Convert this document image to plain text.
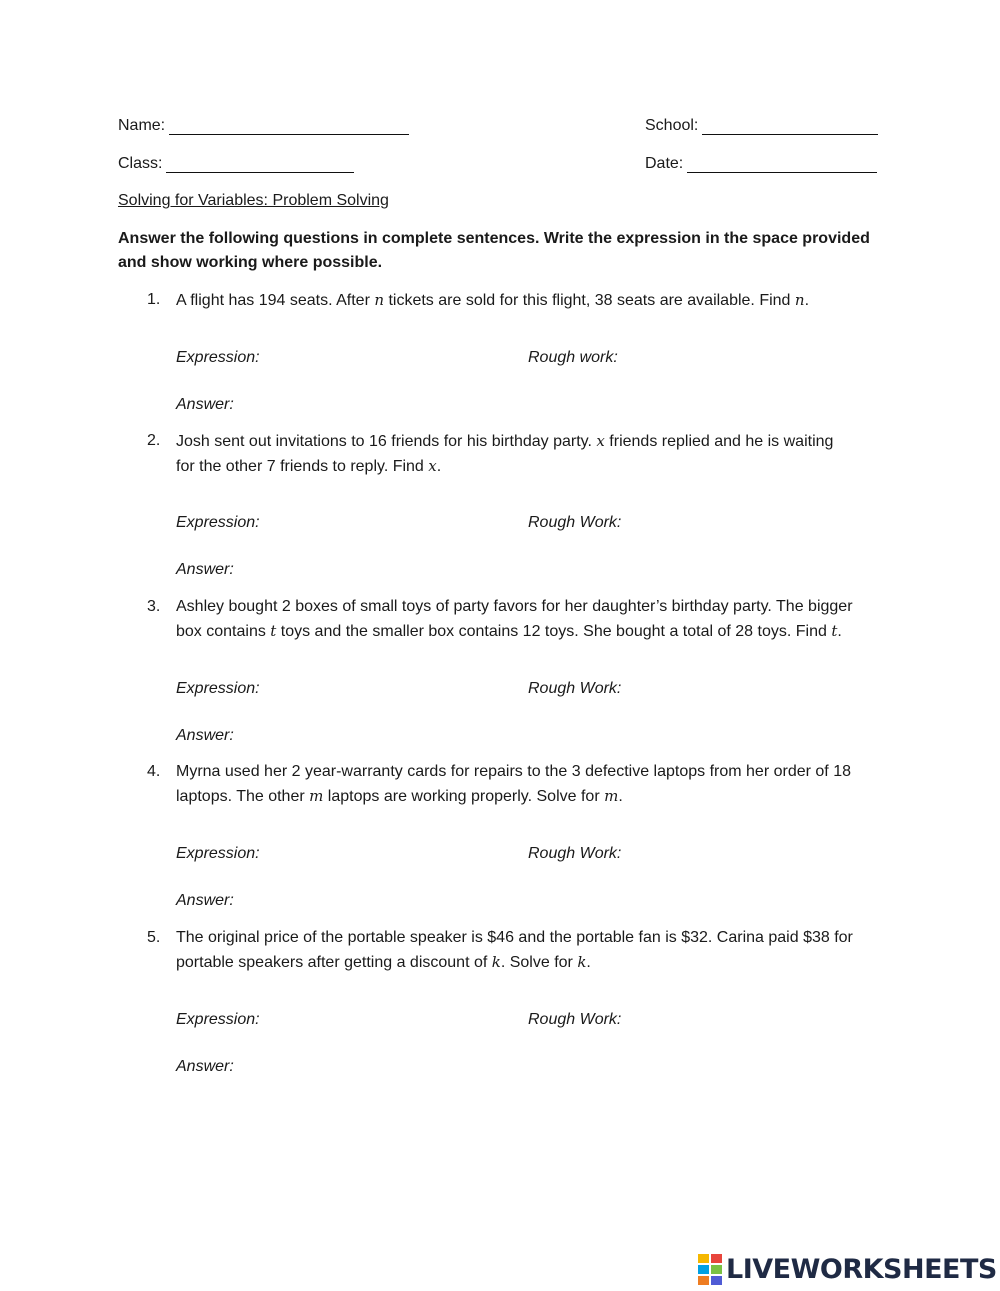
Name:	School:
Class:	Date:
Solving for Variables: Problem Solving
Answer the following questions in complete sentences. Write the expression in the space provided and show working where possible.
1. A flight has 194 seats. After n tickets are sold for this flight, 38 seats are available. Find n.
Expression:	Rough work:
Answer:
2. Josh sent out invitations to 16 friends for his birthday party. x friends replied and he is waiting
for the other 7 friends to reply. Find x.
Expression:	Rough Work:
Answer:
3. Ashley bought 2 boxes of small toys of party favors for her daughter’s birthday party. The bigger
box contains t toys and the smaller box contains 12 toys. She bought a total of 28 toys. Find t.
Expression:	Rough Work:
Answer:
4. Myrna used her 2 year-warranty cards for repairs to the 3 defective laptops from her order of 18
laptops. The other m laptops are working properly. Solve for m.
Expression:	Rough Work:
Answer:
5. The original price of the portable speaker is $46 and the portable fan is $32. Carina paid $38 for
portable speakers after getting a discount of k. Solve for k.
Expression:	Rough Work:
Answer:
LIVEWORKSHEETS
